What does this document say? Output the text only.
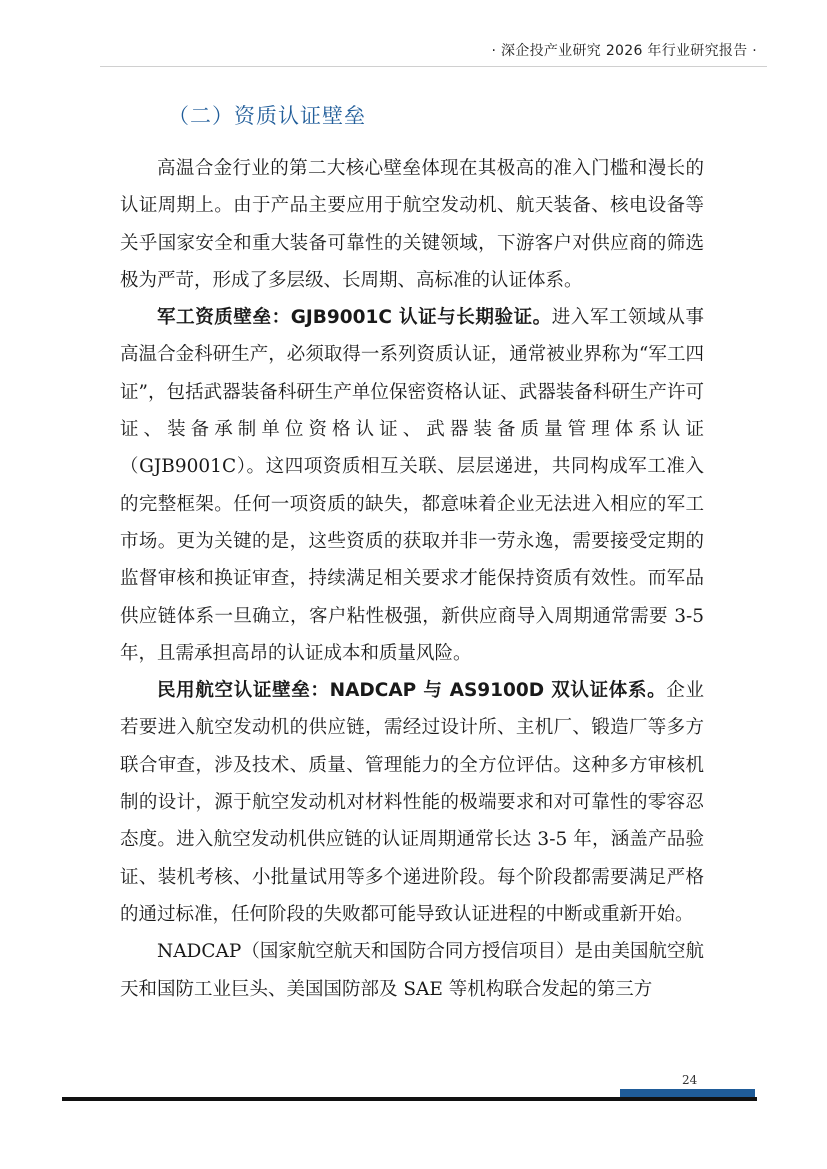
· 深企投产业研究 2026 年行业研究报告 ·
（二）资质认证壁垒

高温合金行业的第二大核心壁垒体现在其极高的准入门槛和漫长的认证周期上。由于产品主要应用于航空发动机、航天装备、核电设备等关乎国家安全和重大装备可靠性的关键领域，下游客户对供应商的筛选极为严苛，形成了多层级、长周期、高标准的认证体系。

军工资质壁垒：GJB9001C 认证与长期验证。进入军工领域从事高温合金科研生产，必须取得一系列资质认证，通常被业界称为“军工四证”，包括武器装备科研生产单位保密资格认证、武器装备科研生产许可证、装备承制单位资格认证、武器装备质量管理体系认证（GJB9001C）。这四项资质相互关联、层层递进，共同构成军工准入的完整框架。任何一项资质的缺失，都意味着企业无法进入相应的军工市场。更为关键的是，这些资质的获取并非一劳永逸，需要接受定期的监督审核和换证审查，持续满足相关要求才能保持资质有效性。而军品供应链体系一旦确立，客户粘性极强，新供应商导入周期通常需要 3-5 年，且需承担高昂的认证成本和质量风险。

民用航空认证壁垒：NADCAP 与 AS9100D 双认证体系。企业若要进入航空发动机的供应链，需经过设计所、主机厂、锻造厂等多方联合审查，涉及技术、质量、管理能力的全方位评估。这种多方审核机制的设计，源于航空发动机对材料性能的极端要求和对可靠性的零容忍态度。进入航空发动机供应链的认证周期通常长达 3-5 年，涵盖产品验证、装机考核、小批量试用等多个递进阶段。每个阶段都需要满足严格的通过标准，任何阶段的失败都可能导致认证进程的中断或重新开始。

NADCAP（国家航空航天和国防合同方授信项目）是由美国航空航天和国防工业巨头、美国国防部及 SAE 等机构联合发起的第三方

24
